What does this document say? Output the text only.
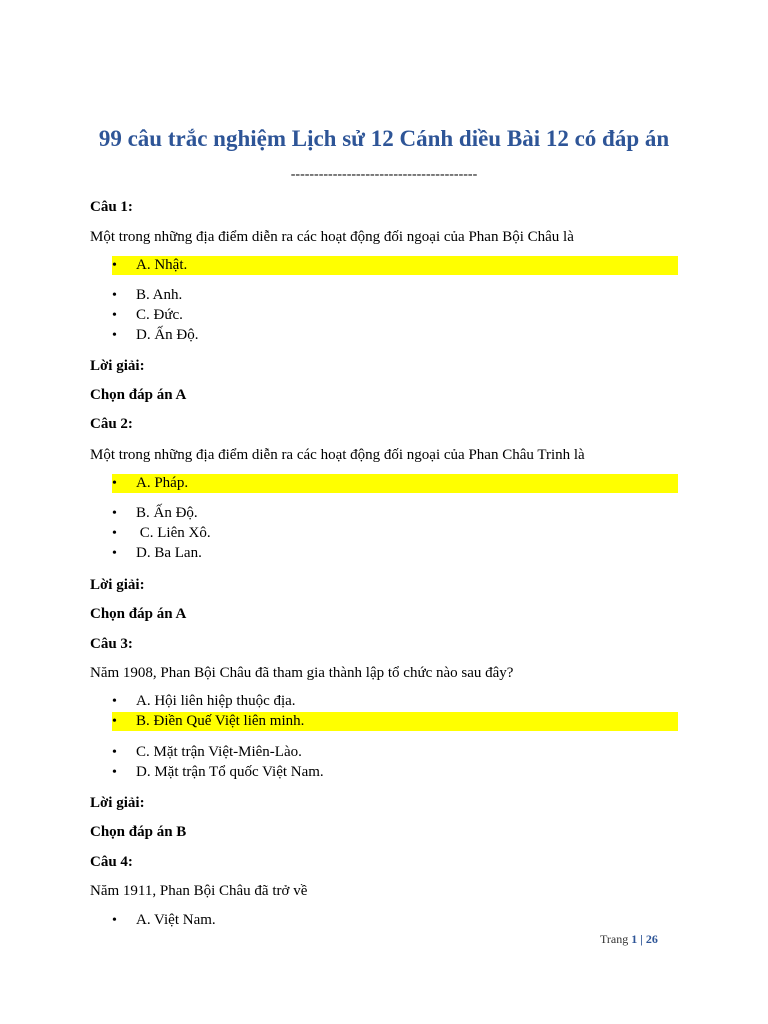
99 câu trắc nghiệm Lịch sử 12 Cánh diều Bài 12 có đáp án
----------------------------------------
Câu 1:
Một trong những địa điểm diễn ra các hoạt động đối ngoại của Phan Bội Châu là
•	A. Nhật.
•	B. Anh.
•	C. Đức.
•	D. Ấn Độ.
Lời giải:
Chọn đáp án A
Câu 2:
Một trong những địa điểm diễn ra các hoạt động đối ngoại của Phan Châu Trinh là
•	A. Pháp.
•	B. Ấn Độ.
•	C. Liên Xô.
•	D. Ba Lan.
Lời giải:
Chọn đáp án A
Câu 3:
Năm 1908, Phan Bội Châu đã tham gia thành lập tổ chức nào sau đây?
•	A. Hội liên hiệp thuộc địa.
•	B. Điền Quế Việt liên minh.
•	C. Mặt trận Việt-Miên-Lào.
•	D. Mặt trận Tổ quốc Việt Nam.
Lời giải:
Chọn đáp án B
Câu 4:
Năm 1911, Phan Bội Châu đã trở về
•	A. Việt Nam.
Trang 1 | 26
